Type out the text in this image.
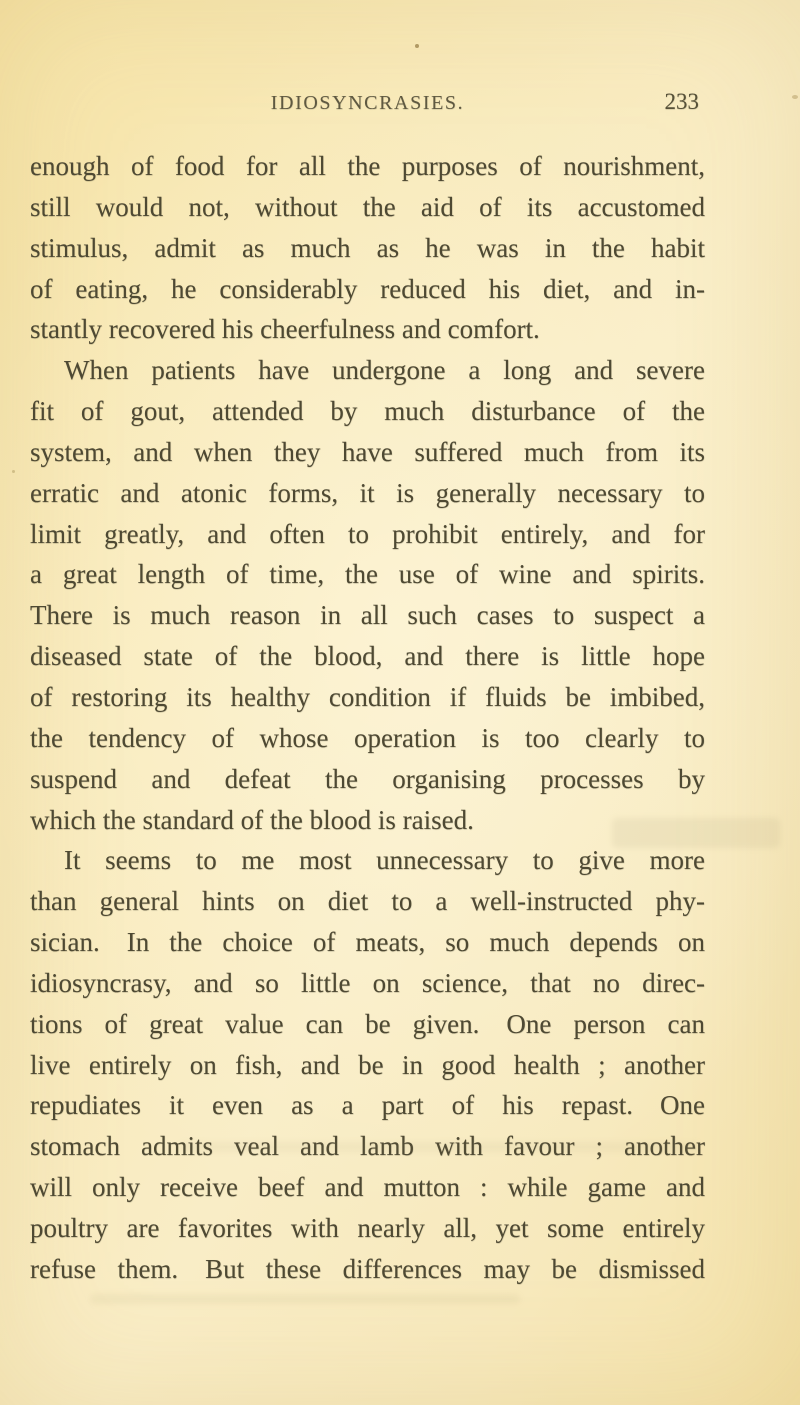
IDIOSYNCRASIES.	233
enough of food for all the purposes of nourishment,
still would not, without the aid of its accustomed
stimulus, admit as much as he was in the habit
of eating, he considerably reduced his diet, and in-
stantly recovered his cheerfulness and comfort.
When patients have undergone a long and severe
fit of gout, attended by much disturbance of the
system, and when they have suffered much from its
erratic and atonic forms, it is generally necessary to
limit greatly, and often to prohibit entirely, and for
a great length of time, the use of wine and spirits.
There is much reason in all such cases to suspect a
diseased state of the blood, and there is little hope
of restoring its healthy condition if fluids be imbibed,
the tendency of whose operation is too clearly to
suspend and defeat the organising processes by
which the standard of the blood is raised.
It seems to me most unnecessary to give more
than general hints on diet to a well-instructed phy-
sician. In the choice of meats, so much depends on
idiosyncrasy, and so little on science, that no direc-
tions of great value can be given. One person can
live entirely on fish, and be in good health ; another
repudiates it even as a part of his repast. One
stomach admits veal and lamb with favour ; another
will only receive beef and mutton : while game and
poultry are favorites with nearly all, yet some entirely
refuse them. But these differences may be dismissed
